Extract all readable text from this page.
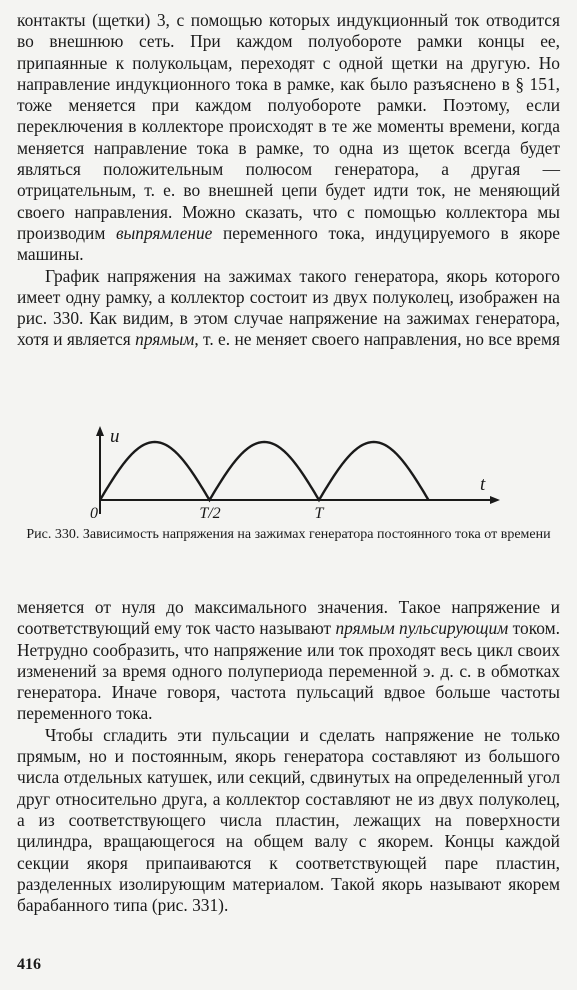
контакты (щетки) 3, с помощью которых индукционный ток отводится во внешнюю сеть. При каждом полуобороте рамки концы ее, припаянные к полукольцам, переходят с одной щетки на другую. Но направление индукционного тока в рамке, как было разъяснено в § 151, тоже меняется при каждом полуобороте рамки. Поэтому, если переключения в коллекторе происходят в те же моменты времени, когда меняется направление тока в рамке, то одна из щеток всегда будет являться положительным полюсом генератора, а другая — отрицательным, т. е. во внешней цепи будет идти ток, не меняющий своего направления. Можно сказать, что с помощью коллектора мы производим выпрямление переменного тока, индуцируемого в якоре машины.

График напряжения на зажимах такого генератора, якорь которого имеет одну рамку, а коллектор состоит из двух полуколец, изображен на рис. 330. Как видим, в этом случае напряжение на зажимах генератора, хотя и является прямым, т. е. не меняет своего направления, но все время

u
t
0	T/2	T
Рис. 330. Зависимость напряжения на зажимах генератора постоянного тока от времени

меняется от нуля до максимального значения. Такое напряжение и соответствующий ему ток часто называют прямым пульсирующим током. Нетрудно сообразить, что напряжение или ток проходят весь цикл своих изменений за время одного полупериода переменной э. д. с. в обмотках генератора. Иначе говоря, частота пульсаций вдвое больше частоты переменного тока.

Чтобы сгладить эти пульсации и сделать напряжение не только прямым, но и постоянным, якорь генератора составляют из большого числа отдельных катушек, или секций, сдвинутых на определенный угол друг относительно друга, а коллектор составляют не из двух полуколец, а из соответствующего числа пластин, лежащих на поверхности цилиндра, вращающегося на общем валу с якорем. Концы каждой секции якоря припаиваются к соответствующей паре пластин, разделенных изолирующим материалом. Такой якорь называют якорем барабанного типа (рис. 331).

416
